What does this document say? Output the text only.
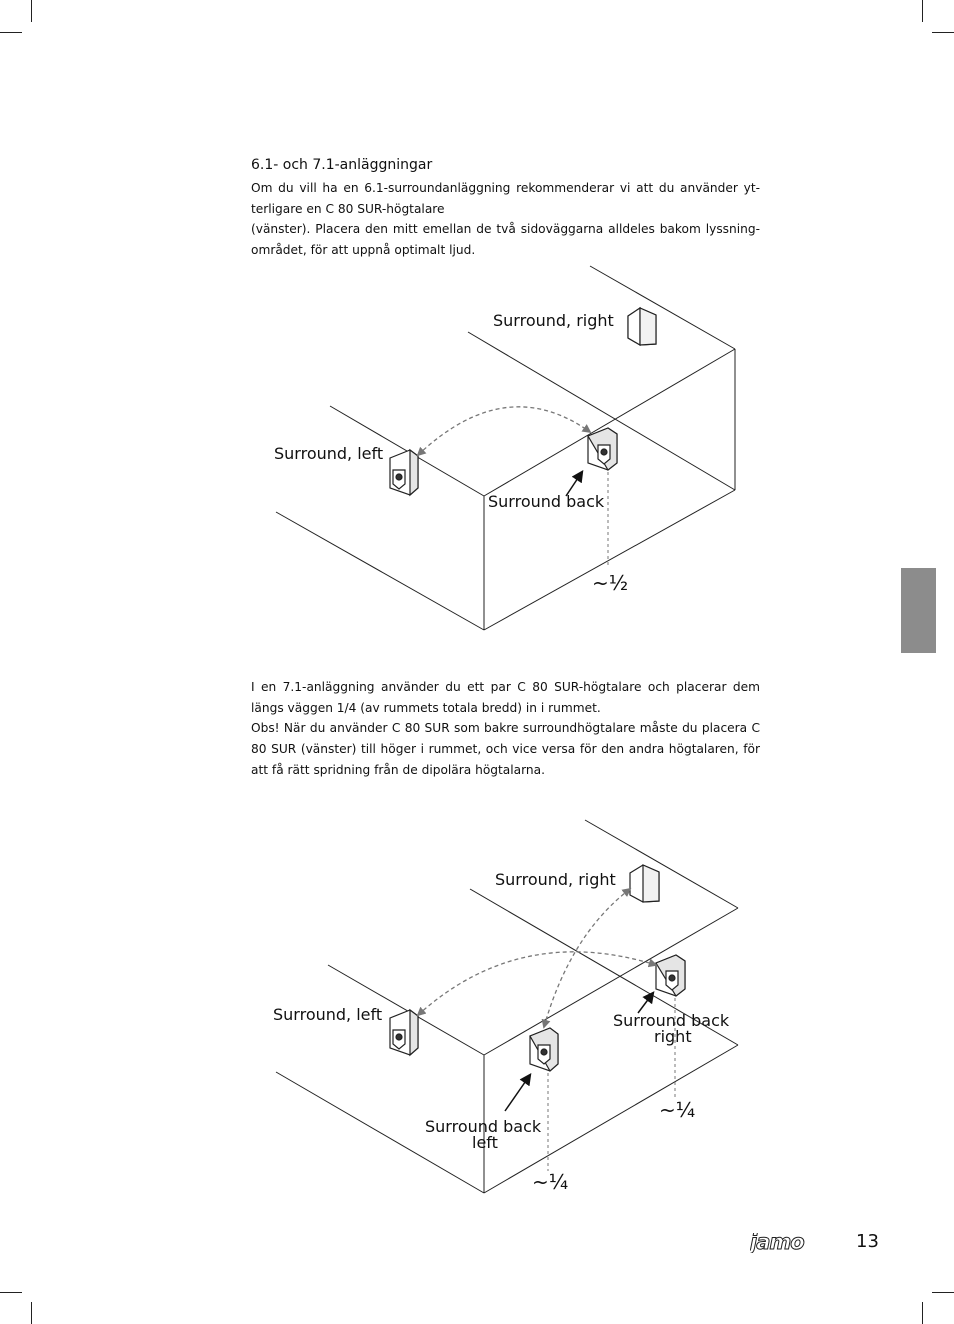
6.1- och 7.1-anläggningar

Om du vill ha en 6.1-surroundanläggning rekommenderar vi att du använder yt-terligare en C 80 SUR-högtalare

(vänster). Placera den mitt emellan de två sidoväggarna alldeles bakom lyssning-området, för att uppnå optimalt ljud.

Surround, right
Surround, left
Surround back
~½

I en 7.1-anläggning använder du ett par C 80 SUR-högtalare och placerar dem längs väggen 1/4 (av rummets totala bredd) in i rummet.

Obs! När du använder C 80 SUR som bakre surroundhögtalare måste du placera C 80 SUR (vänster) till höger i rummet, och vice versa för den andra högtalaren, för att få rätt spridning från de dipolära högtalarna.

Surround, right
Surround, left	Surround back
right
Surround back
left
~¼
~¼
jamo	13
